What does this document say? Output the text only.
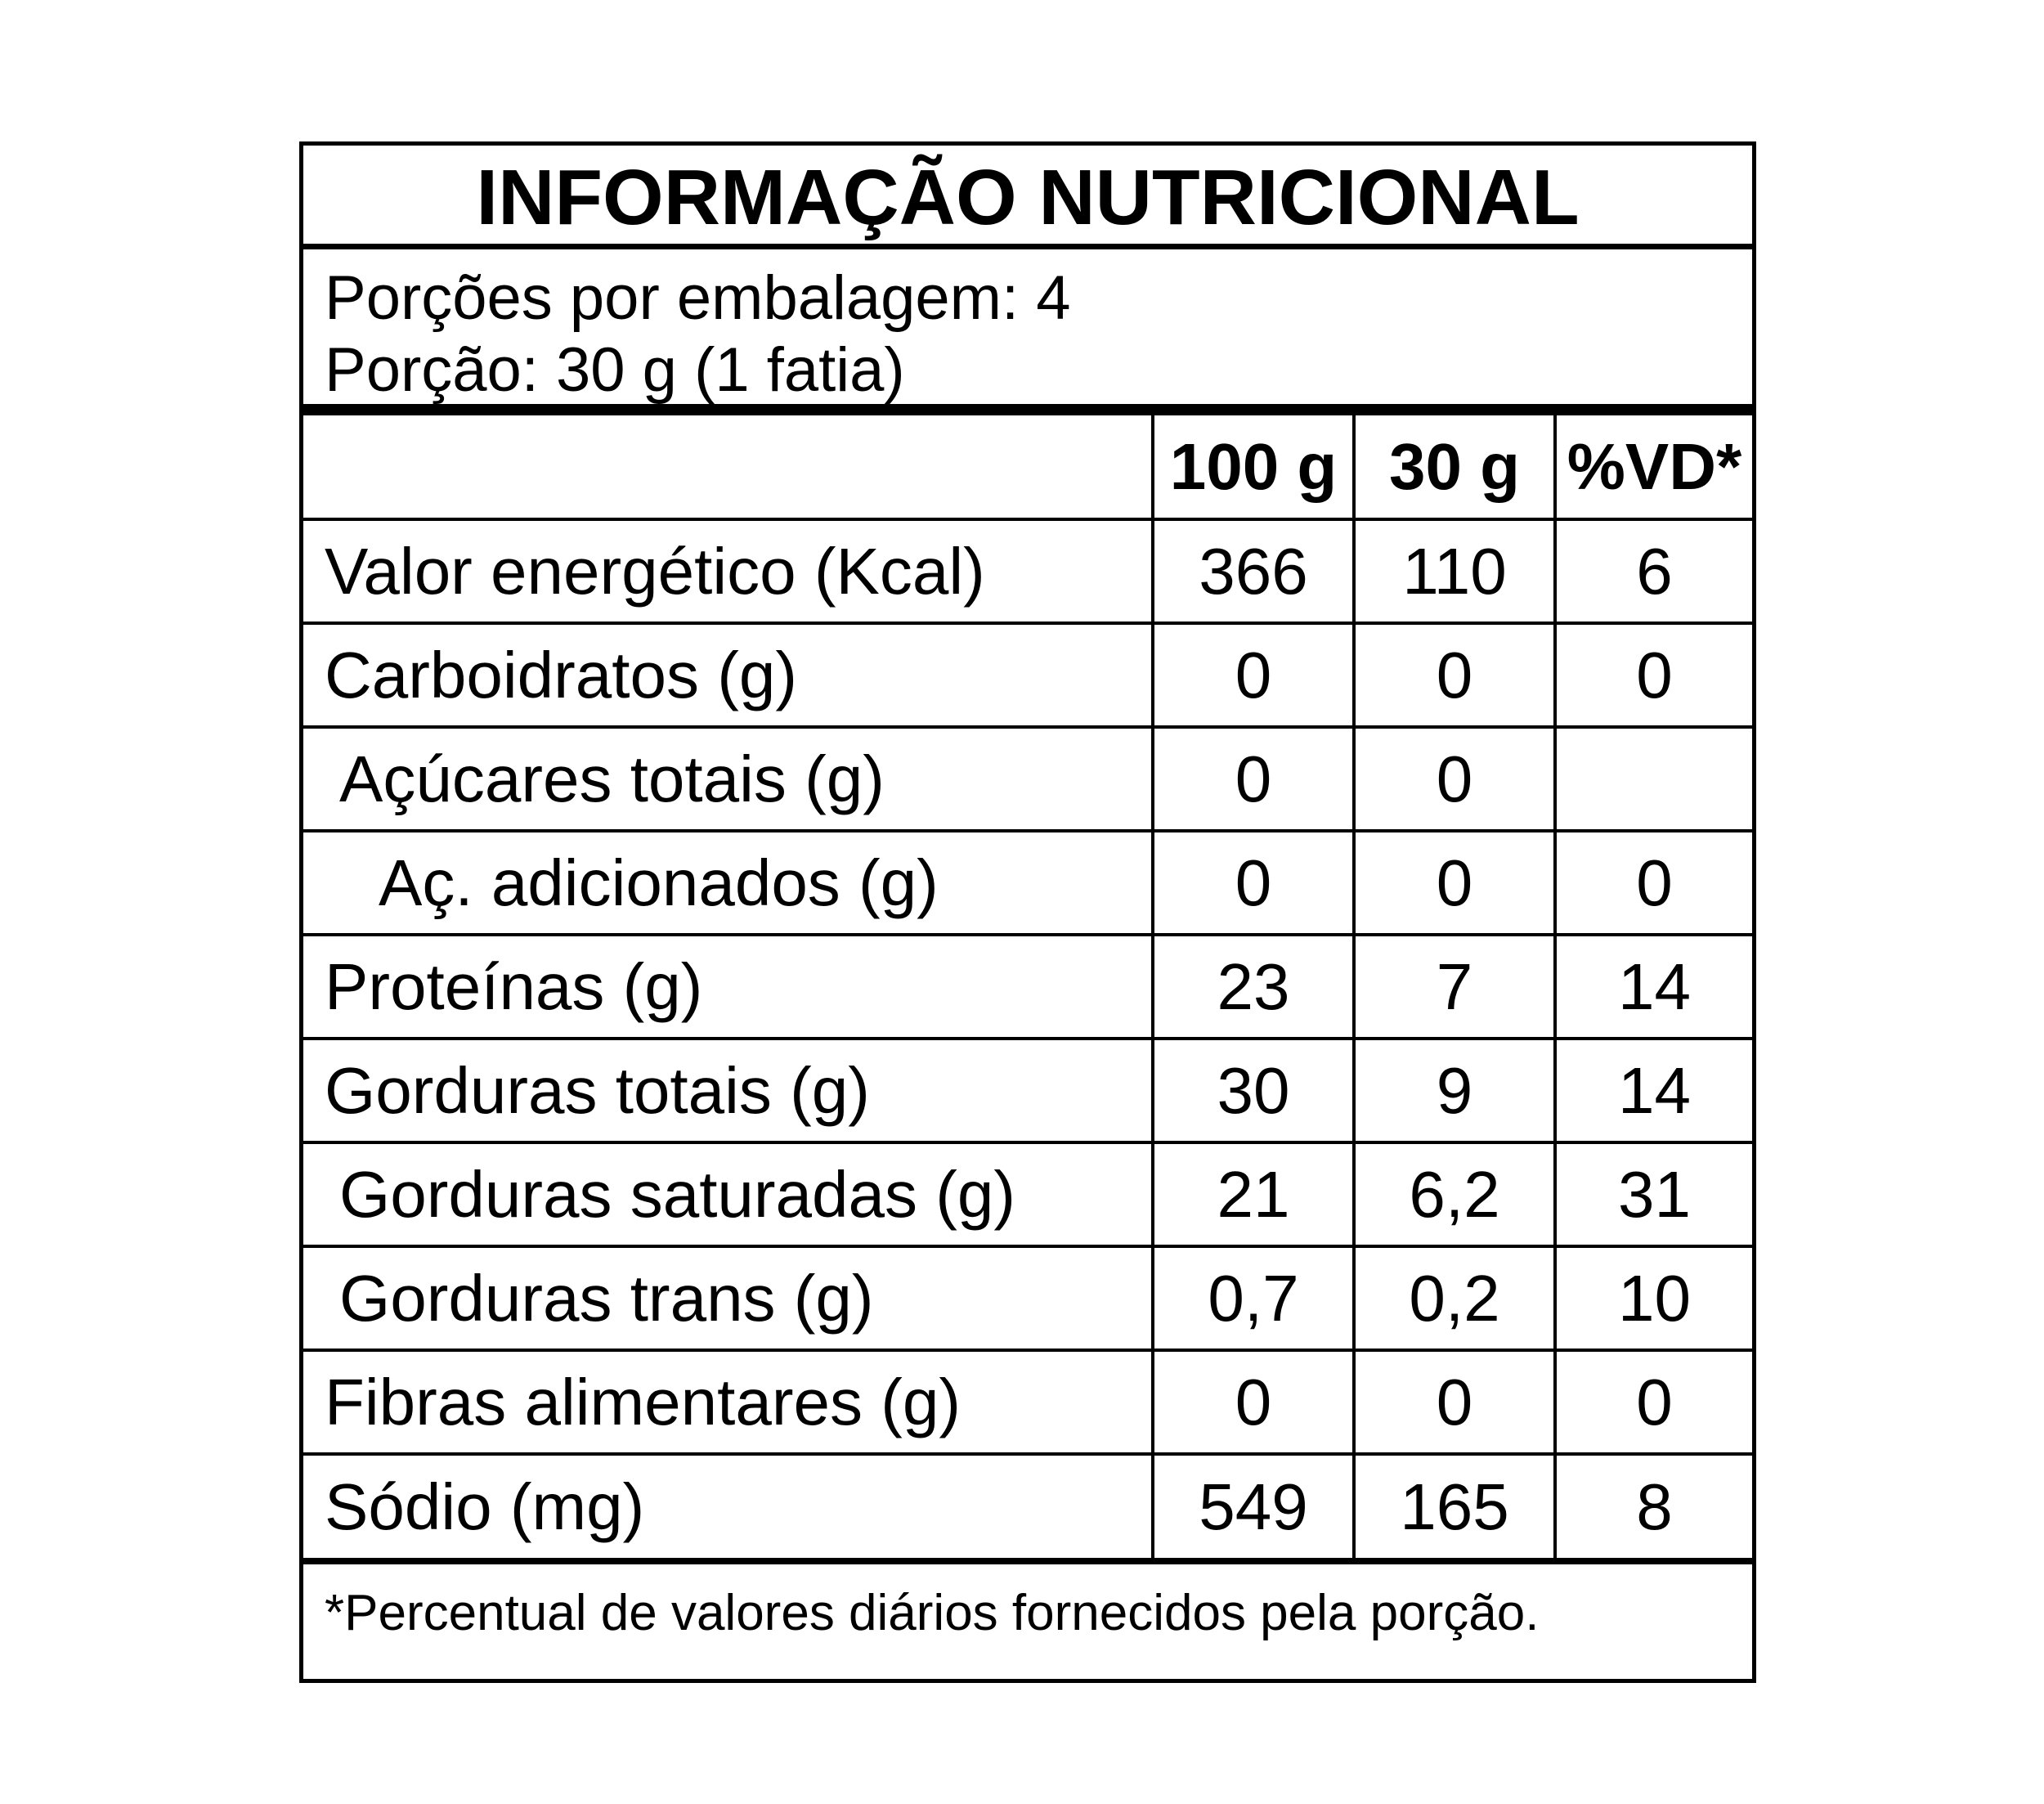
INFORMAÇÃO NUTRICIONAL
Porções por embalagem: 4
Porção: 30 g (1 fatia)
	100 g	30 g	%VD*
Valor energético (Kcal)	366	110	6
Carboidratos (g)	0	0	0
Açúcares totais (g)	0	0	
Aç. adicionados (g)	0	0	0
Proteínas (g)	23	7	14
Gorduras totais (g)	30	9	14
Gorduras saturadas (g)	21	6,2	31
Gorduras trans (g)	0,7	0,2	10
Fibras alimentares (g)	0	0	0
Sódio (mg)	549	165	8
*Percentual de valores diários fornecidos pela porção.
